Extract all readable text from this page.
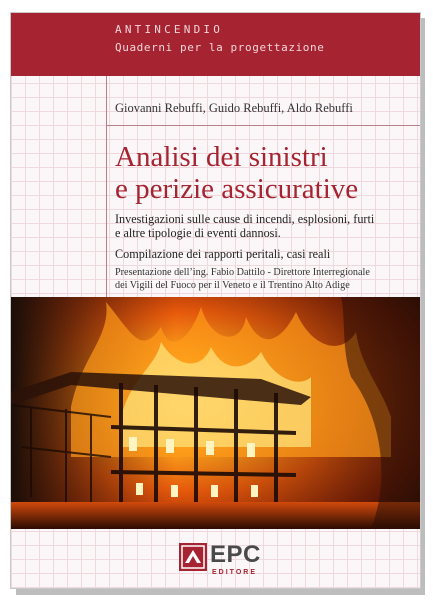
ANTINCENDIO
Quaderni per la progettazione
Giovanni Rebuffi, Guido Rebuffi, Aldo Rebuffi
Analisi dei sinistri
e perizie assicurative
Investigazioni sulle cause di incendi, esplosioni, furti
e altre tipologie di eventi dannosi.
Compilazione dei rapporti peritali, casi reali
Presentazione dell’ing. Fabio Dattilo - Direttore Interregionale
dei Vigili del Fuoco per il Veneto e il Trentino Alto Adige
EPC
EDITORE
